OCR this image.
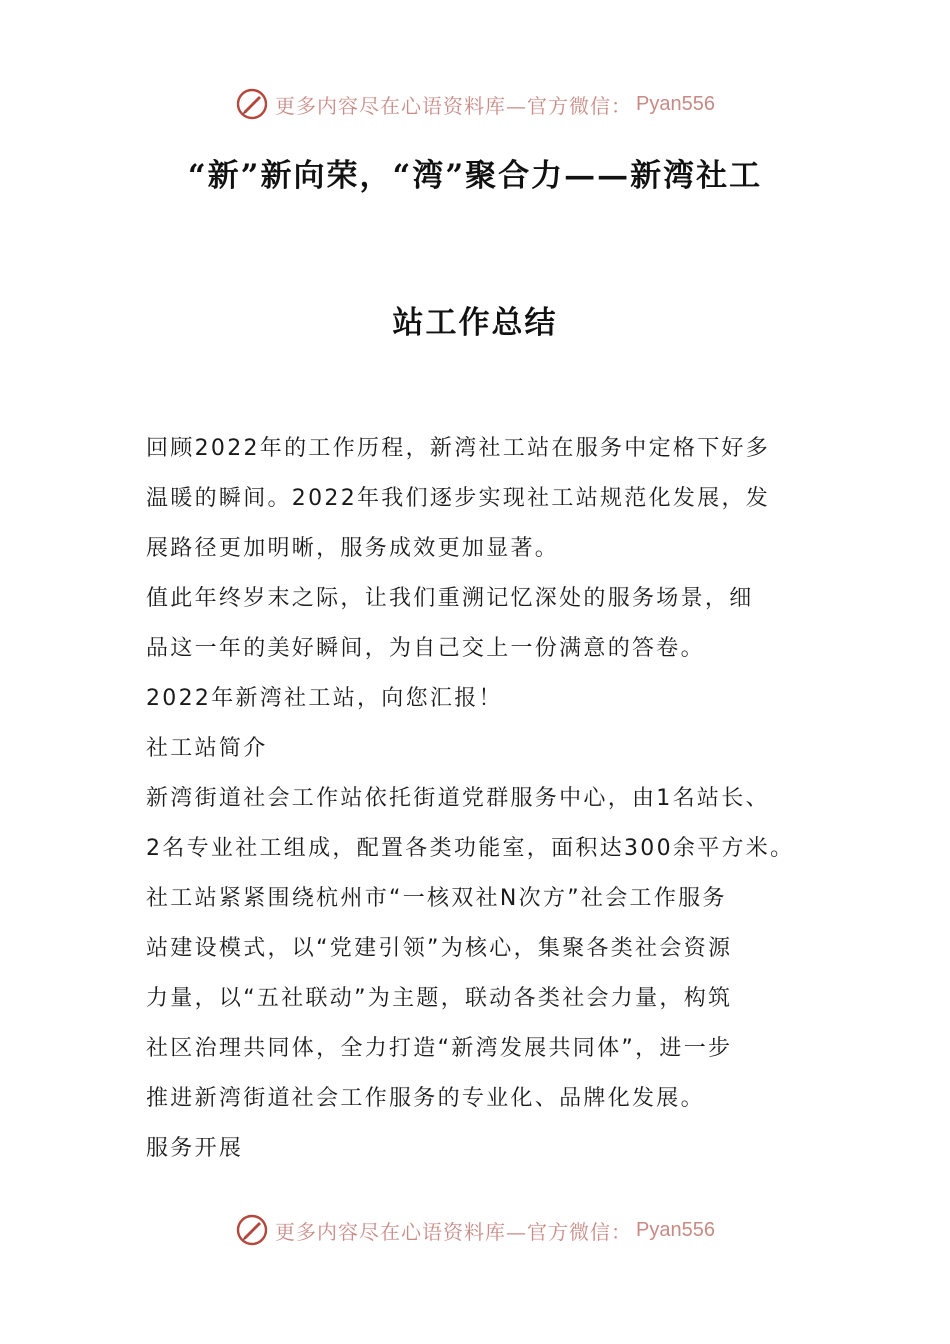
更多内容尽在心语资料库—官方微信： Pyan556
“新”新向荣，“湾”聚合力——新湾社工
站工作总结

回顾2022年的工作历程，新湾社工站在服务中定格下好多

温暖的瞬间。2022年我们逐步实现社工站规范化发展，发

展路径更加明晰，服务成效更加显著。

值此年终岁末之际，让我们重溯记忆深处的服务场景，细

品这一年的美好瞬间，为自己交上一份满意的答卷。

2022年新湾社工站，向您汇报！

社工站简介

新湾街道社会工作站依托街道党群服务中心，由1名站长、

2名专业社工组成，配置各类功能室，面积达300余平方米。

社工站紧紧围绕杭州市“一核双社N次方”社会工作服务

站建设模式，以“党建引领”为核心，集聚各类社会资源

力量，以“五社联动”为主题，联动各类社会力量，构筑

社区治理共同体，全力打造“新湾发展共同体”，进一步

推进新湾街道社会工作服务的专业化、品牌化发展。

服务开展

更多内容尽在心语资料库—官方微信： Pyan556
